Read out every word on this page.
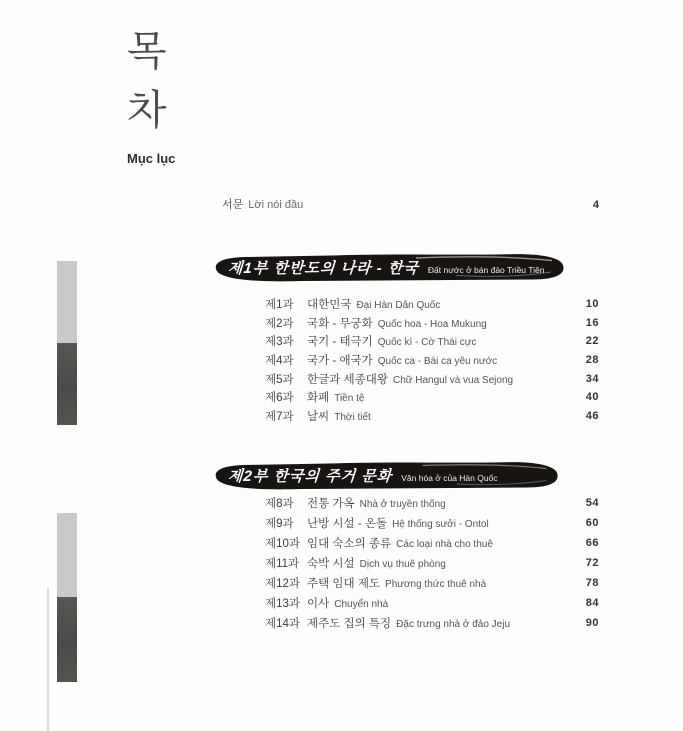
목
차
Mục lục
서문 Lời nói đầu	4
제1부 한반도의 나라 - 한국 Đất nước ở bán đảo Triều Tiên
제1과	대한민국 Đại Hàn Dân Quốc	10
제2과	국화 - 무궁화 Quốc hoa - Hoa Mukung	16
제3과	국기 - 태극기 Quốc kì - Cờ Thái cực	22
제4과	국가 - 애국가 Quốc ca - Bài ca yêu nước	28
제5과	한글과 세종대왕 Chữ Hangul và vua Sejong	34
제6과	화폐 Tiền tệ	40
제7과	날씨 Thời tiết	46
제2부 한국의 주거 문화 Văn hóa ở của Hàn Quốc
제8과	전통 가옥 Nhà ở truyền thống	54
제9과	난방 시설 - 온돌 Hệ thống sưởi - Ontol	60
제10과 임대 숙소의 종류 Các loại nhà cho thuê	66
제11과 숙박 시설 Dịch vụ thuê phòng	72
제12과 주택 임대 제도 Phương thức thuê nhà	78
제13과 이사 Chuyển nhà	84
제14과 제주도 집의 특징 Đặc trưng nhà ở đảo Jeju	90
